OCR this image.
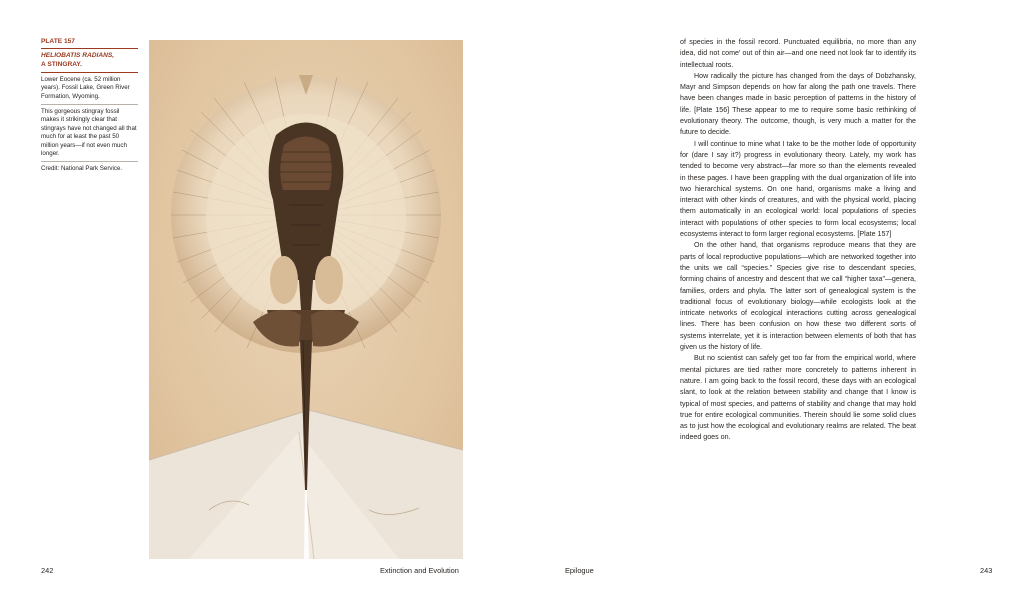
PLATE 157
HELIOBATIS RADIANS,
A STINGRAY.
Lower Eocene (ca. 52 million years). Fossil Lake, Green River Formation, Wyoming.
This gorgeous stingray fossil makes it strikingly clear that stingrays have not changed all that much for at least the past 50 million years—if not even much longer.
Credit: National Park Service.

of species in the fossil record. Punctuated equilibria, no more than any idea, did not come’ out of thin air—and one need not look far to identify its intellectual roots.

How radically the picture has changed from the days of Dobzhansky, Mayr and Simpson depends on how far along the path one travels. There have been changes made in basic perception of patterns in the history of life. [Plate 156] These appear to me to require some basic rethinking of evolutionary theory. The outcome, though, is very much a matter for the future to decide.

I will continue to mine what I take to be the mother lode of opportunity for (dare I say it?) progress in evolutionary theory. Lately, my work has tended to become very abstract—far more so than the elements revealed in these pages. I have been grappling with the dual organization of life into two hierarchical systems. On one hand, organisms make a living and interact with other kinds of creatures, and with the physical world, placing them automatically in an ecological world: local populations of species interact with populations of other species to form local ecosystems; local ecosystems interact to form larger regional ecosystems. [Plate 157]

On the other hand, that organisms reproduce means that they are parts of local reproductive populations—which are networked together into the units we call “species.” Species give rise to descendant species, forming chains of ancestry and descent that we call “higher taxa”—genera, families, orders and phyla. The latter sort of genealogical system is the traditional focus of evolutionary biology—while ecologists look at the intricate networks of ecological interactions cutting across genealogical lines. There has been confusion on how these two different sorts of systems interrelate, yet it is interaction between elements of both that has given us the history of life.

But no scientist can safely get too far from the empirical world, where mental pictures are tied rather more concretely to patterns inherent in nature. I am going back to the fossil record, these days with an ecological slant, to look at the relation between stability and change that I know is typical of most species, and patterns of stability and change that may hold true for entire ecological communities. Therein should lie some solid clues as to just how the ecological and evolutionary realms are related. The beat indeed goes on.

242	Extinction and Evolution	Epilogue	243
